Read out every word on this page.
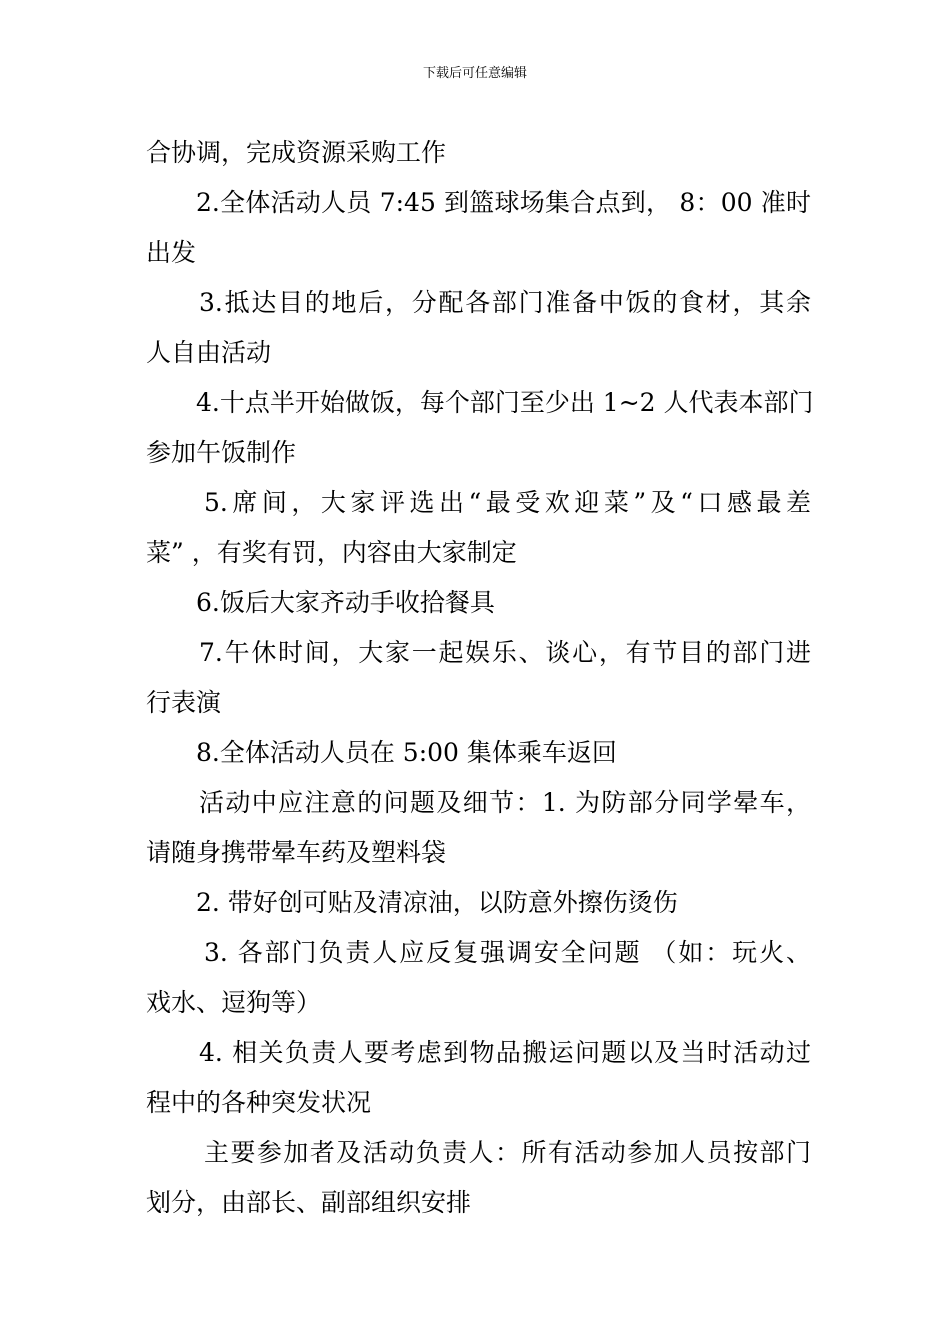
下载后可任意编辑
合协调，完成资源采购工作
2.全体活动人员 7:45 到篮球场集合点到， 8：00 准时
出发
3.抵达目的地后，分配各部门准备中饭的食材，其余
人自由活动
4.十点半开始做饭，每个部门至少出 1~2 人代表本部门
参加午饭制作
5.席间，大家评选出“最受欢迎菜”及“口感最差
菜” ，有奖有罚，内容由大家制定
6.饭后大家齐动手收拾餐具
7.午休时间，大家一起娱乐、谈心，有节目的部门进
行表演
8.全体活动人员在 5:00 集体乘车返回
活动中应注意的问题及细节：1. 为防部分同学晕车，
请随身携带晕车药及塑料袋
2. 带好创可贴及清凉油，以防意外擦伤烫伤
3. 各部门负责人应反复强调安全问题 （如：玩火、
戏水、逗狗等）
4. 相关负责人要考虑到物品搬运问题以及当时活动过
程中的各种突发状况
主要参加者及活动负责人：所有活动参加人员按部门
划分，由部长、副部组织安排
